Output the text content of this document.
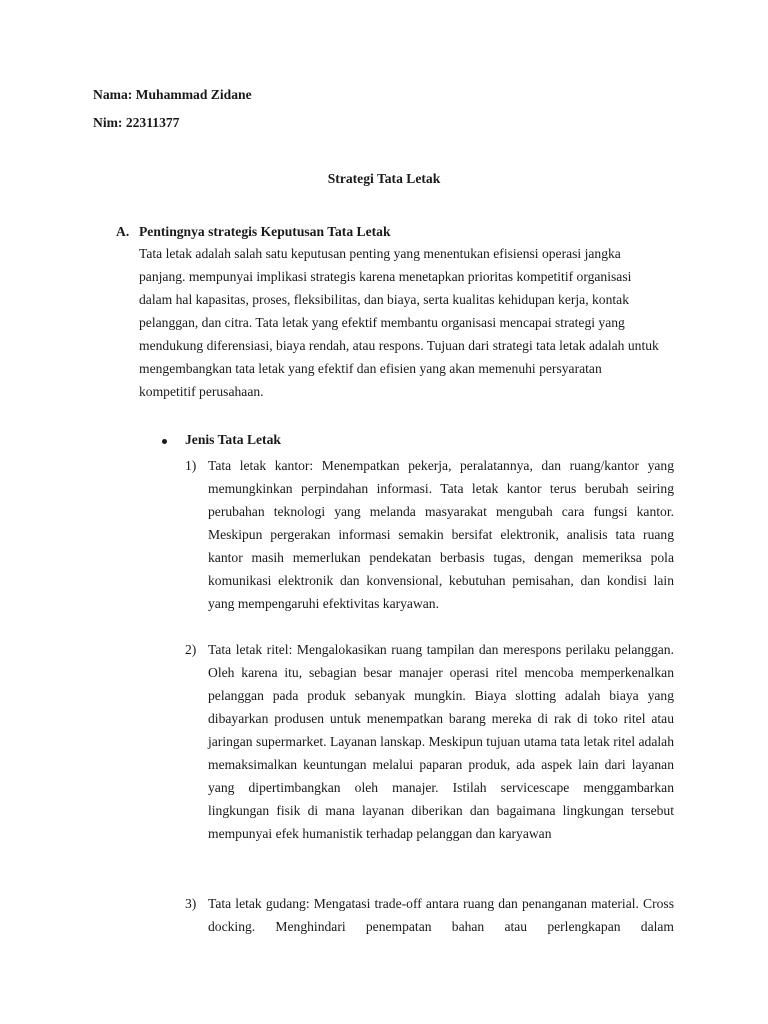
Nama: Muhammad Zidane

Nim: 22311377

Strategi Tata Letak

A. Pentingnya strategis Keputusan Tata Letak

Tata letak adalah salah satu keputusan penting yang menentukan efisiensi operasi jangka panjang. mempunyai implikasi strategis karena menetapkan prioritas kompetitif organisasi dalam hal kapasitas, proses, fleksibilitas, dan biaya, serta kualitas kehidupan kerja, kontak pelanggan, dan citra. Tata letak yang efektif membantu organisasi mencapai strategi yang mendukung diferensiasi, biaya rendah, atau respons. Tujuan dari strategi tata letak adalah untuk mengembangkan tata letak yang efektif dan efisien yang akan memenuhi persyaratan kompetitif perusahaan.

Jenis Tata Letak
1) Tata letak kantor: Menempatkan pekerja, peralatannya, dan ruang/kantor yang memungkinkan perpindahan informasi. Tata letak kantor terus berubah seiring perubahan teknologi yang melanda masyarakat mengubah cara fungsi kantor. Meskipun pergerakan informasi semakin bersifat elektronik, analisis tata ruang kantor masih memerlukan pendekatan berbasis tugas, dengan memeriksa pola komunikasi elektronik dan konvensional, kebutuhan pemisahan, dan kondisi lain yang mempengaruhi efektivitas karyawan.

2) Tata letak ritel: Mengalokasikan ruang tampilan dan merespons perilaku pelanggan. Oleh karena itu, sebagian besar manajer operasi ritel mencoba memperkenalkan pelanggan pada produk sebanyak mungkin. Biaya slotting adalah biaya yang dibayarkan produsen untuk menempatkan barang mereka di rak di toko ritel atau jaringan supermarket. Layanan lanskap. Meskipun tujuan utama tata letak ritel adalah memaksimalkan keuntungan melalui paparan produk, ada aspek lain dari layanan yang dipertimbangkan oleh manajer. Istilah servicescape menggambarkan lingkungan fisik di mana layanan diberikan dan bagaimana lingkungan tersebut mempunyai efek humanistik terhadap pelanggan dan karyawan

3) Tata letak gudang: Mengatasi trade-off antara ruang dan penanganan material. Cross docking. Menghindari penempatan bahan atau perlengkapan dalam
